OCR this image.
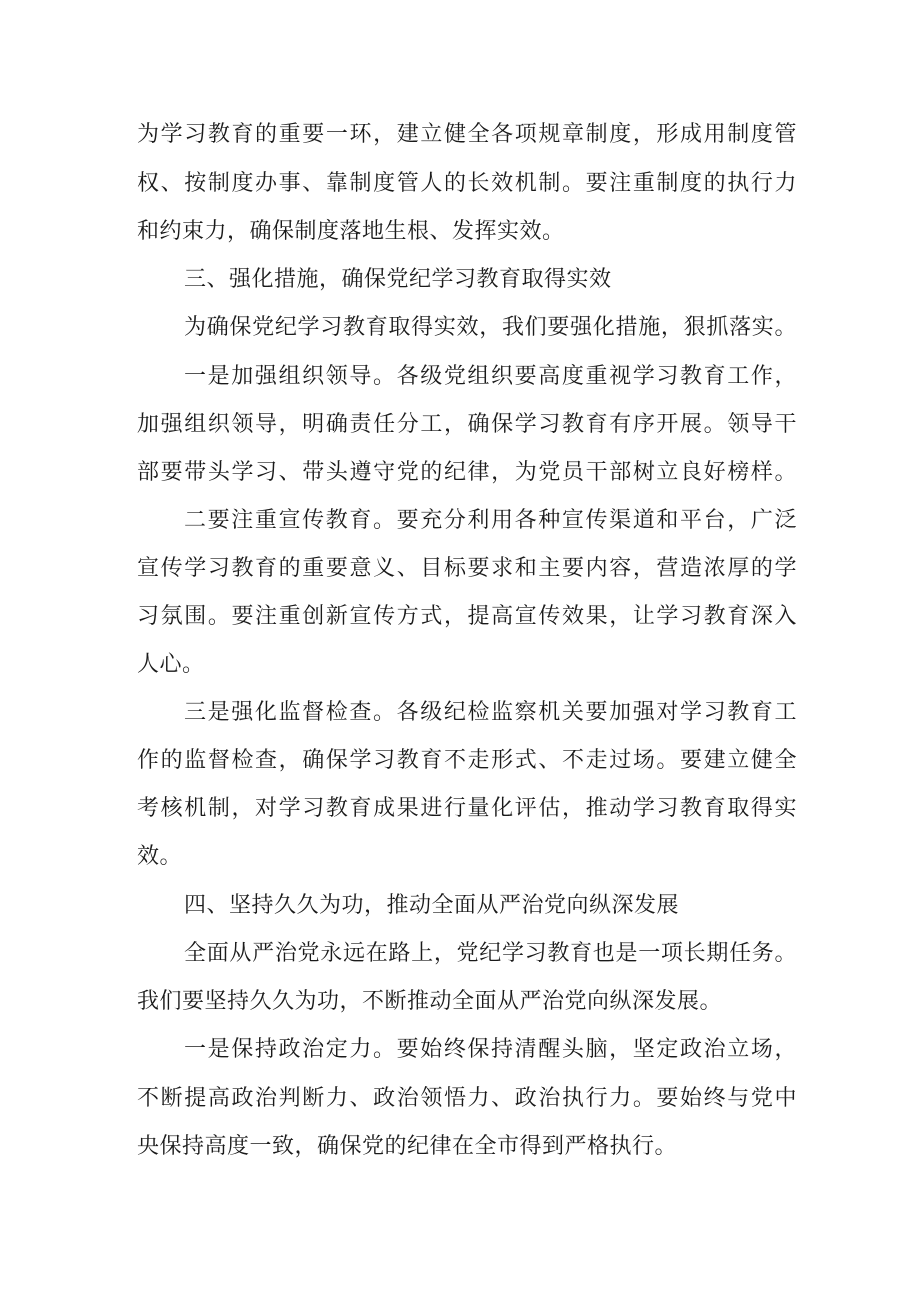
为学习教育的重要一环，建立健全各项规章制度，形成用制度管
权、按制度办事、靠制度管人的长效机制。要注重制度的执行力
和约束力，确保制度落地生根、发挥实效。
三、强化措施，确保党纪学习教育取得实效
为确保党纪学习教育取得实效，我们要强化措施，狠抓落实。
一是加强组织领导。各级党组织要高度重视学习教育工作，
加强组织领导，明确责任分工，确保学习教育有序开展。领导干
部要带头学习、带头遵守党的纪律，为党员干部树立良好榜样。
二要注重宣传教育。要充分利用各种宣传渠道和平台，广泛
宣传学习教育的重要意义、目标要求和主要内容，营造浓厚的学
习氛围。要注重创新宣传方式，提高宣传效果，让学习教育深入
人心。
三是强化监督检查。各级纪检监察机关要加强对学习教育工
作的监督检查，确保学习教育不走形式、不走过场。要建立健全
考核机制，对学习教育成果进行量化评估，推动学习教育取得实
效。
四、坚持久久为功，推动全面从严治党向纵深发展
全面从严治党永远在路上，党纪学习教育也是一项长期任务。
我们要坚持久久为功，不断推动全面从严治党向纵深发展。
一是保持政治定力。要始终保持清醒头脑，坚定政治立场，
不断提高政治判断力、政治领悟力、政治执行力。要始终与党中
央保持高度一致，确保党的纪律在全市得到严格执行。
